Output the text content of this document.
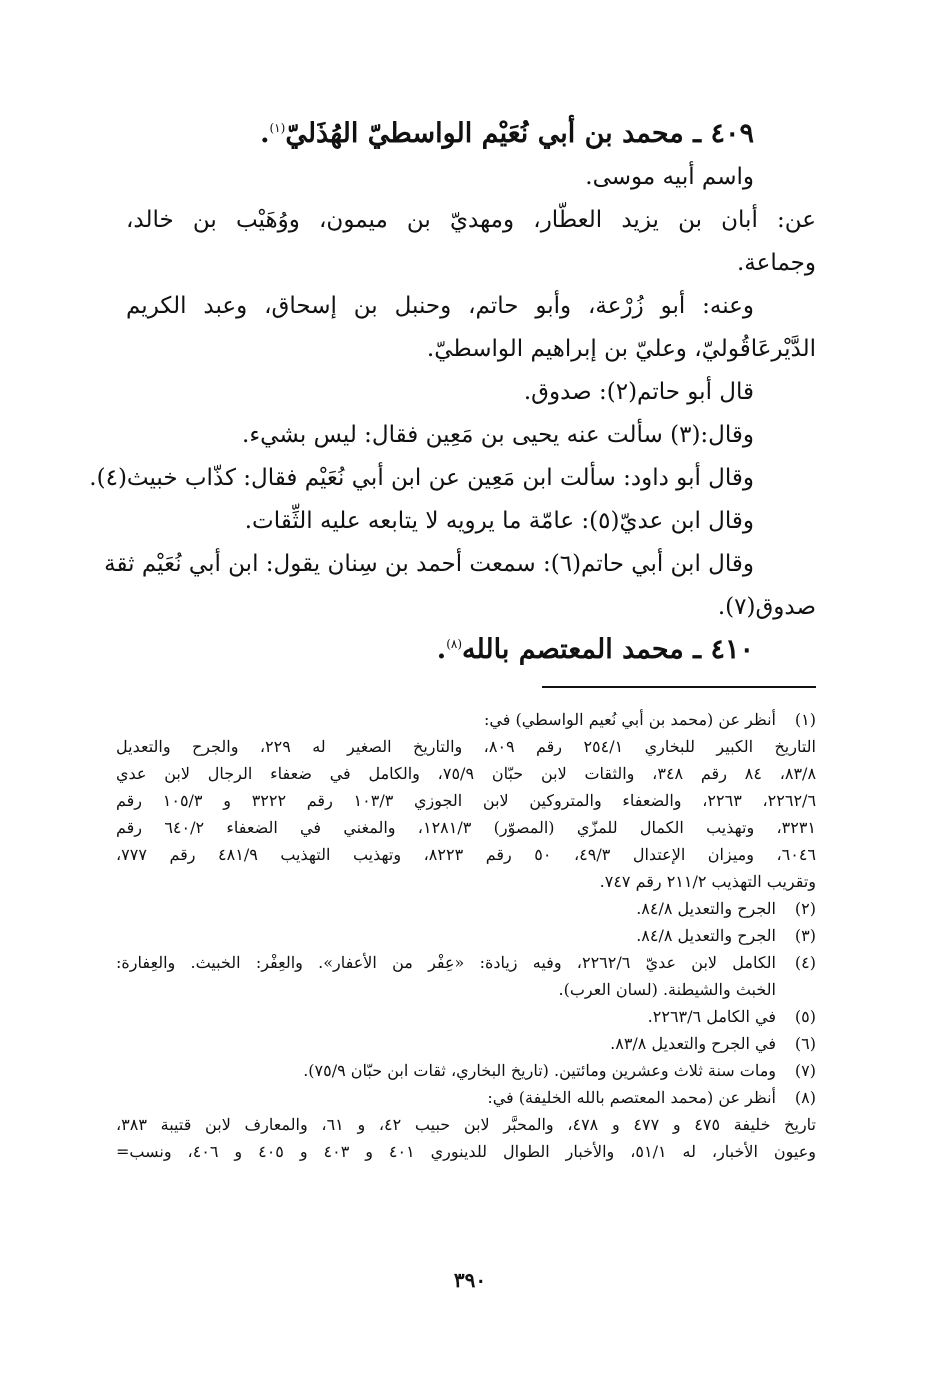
٤٠٩ ـ محمد بن أبي نُعَيْم الواسطيّ الهُذَليّ$^{(١)}$.
واسم أبيه موسى.
عن: أبان بن يزيد العطّار، ومهديّ بن ميمون، ووُهَيْب بن خالد،
وجماعة.
وعنه: أبو زُرْعة، وأبو حاتم، وحنبل بن إسحاق، وعبد الكريم
الدَّيْرعَاقُوليّ، وعليّ بن إبراهيم الواسطيّ.
قال أبو حاتم(٢): صدوق.
وقال:(٣) سألت عنه يحيى بن مَعِين فقال: ليس بشيء.
وقال أبو داود: سألت ابن مَعِين عن ابن أبي نُعَيْم فقال: كذّاب خبيث(٤).
وقال ابن عديّ(٥): عامّة ما يرويه لا يتابعه عليه الثِّقات.
وقال ابن أبي حاتم(٦): سمعت أحمد بن سِنان يقول: ابن أبي نُعَيْم ثقة
صدوق(٧).
٤١٠ ـ محمد المعتصم بالله$^{(٨)}$.
(١)
أنظر عن (محمد بن أبي نُعيم الواسطي) في:
التاريخ الكبير للبخاري ٢٥٤/١ رقم ٨٠٩، والتاريخ الصغير له ٢٢٩، والجرح والتعديل
٨٣/٨، ٨٤ رقم ٣٤٨، والثقات لابن حبّان ٧٥/٩، والكامل في ضعفاء الرجال لابن عدي
٢٢٦٢/٦، ٢٢٦٣، والضعفاء والمتروكين لابن الجوزي ١٠٣/٣ رقم ٣٢٢٢ و ١٠٥/٣ رقم
٣٢٣١، وتهذيب الكمال للمزّي (المصوّر) ١٢٨١/٣، والمغني في الضعفاء ٦٤٠/٢ رقم
٦٠٤٦، وميزان الإعتدال ٤٩/٣، ٥٠ رقم ٨٢٢٣، وتهذيب التهذيب ٤٨١/٩ رقم ٧٧٧،
وتقريب التهذيب ٢١١/٢ رقم ٧٤٧.
(٢)
الجرح والتعديل ٨٤/٨.
(٣)
الجرح والتعديل ٨٤/٨.
(٤)
الكامل لابن عديّ ٢٢٦٢/٦، وفيه زيادة: «عِفْر من الأعفار». والعِفْر: الخبيث. والعِفارة:
الخبث والشيطنة. (لسان العرب).
(٥)
في الكامل ٢٢٦٣/٦.
(٦)
في الجرح والتعديل ٨٣/٨.
(٧)
ومات سنة ثلاث وعشرين ومائتين. (تاريخ البخاري، ثقات ابن حبّان ٧٥/٩).
(٨)
أنظر عن (محمد المعتصم بالله الخليفة) في:
تاريخ خليفة ٤٧٥ و ٤٧٧ و ٤٧٨، والمحبَّر لابن حبيب ٤٢، و ٦١، والمعارف لابن قتيبة ٣٨٣،
وعيون الأخبار، له ٥١/١، والأخبار الطوال للدينوري ٤٠١ و ٤٠٣ و ٤٠٥ و ٤٠٦، ونسب=
٣٩٠
